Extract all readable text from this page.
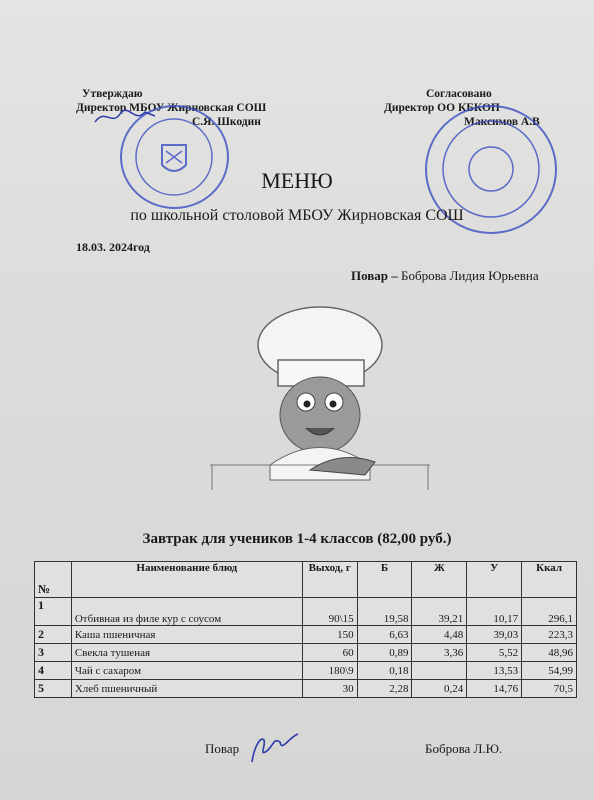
Утверждаю
Директор МБОУ Жирновская СОШ
С.Я. Шкодин
Согласовано
Директор ОО КБКОП
Максимов А.В
МЕНЮ
по школьной столовой МБОУ Жирновская СОШ
18.03. 2024год
Повар – Боброва Лидия Юрьевна
Завтрак для учеников 1-4 классов (82,00 руб.)
№	Наименование блюд	Выход, г	Б	Ж	У	Ккал
1	Отбивная из филе кур с соусом	90\15	19,58	39,21	10,17	296,1
2	Каша пшеничная	150	6,63	4,48	39,03	223,3
3	Свекла тушеная	60	0,89	3,36	5,52	48,96
4	Чай с сахаром	180\9	0,18		13,53	54,99
5	Хлеб пшеничный	30	2,28	0,24	14,76	70,5
Повар	Боброва Л.Ю.
